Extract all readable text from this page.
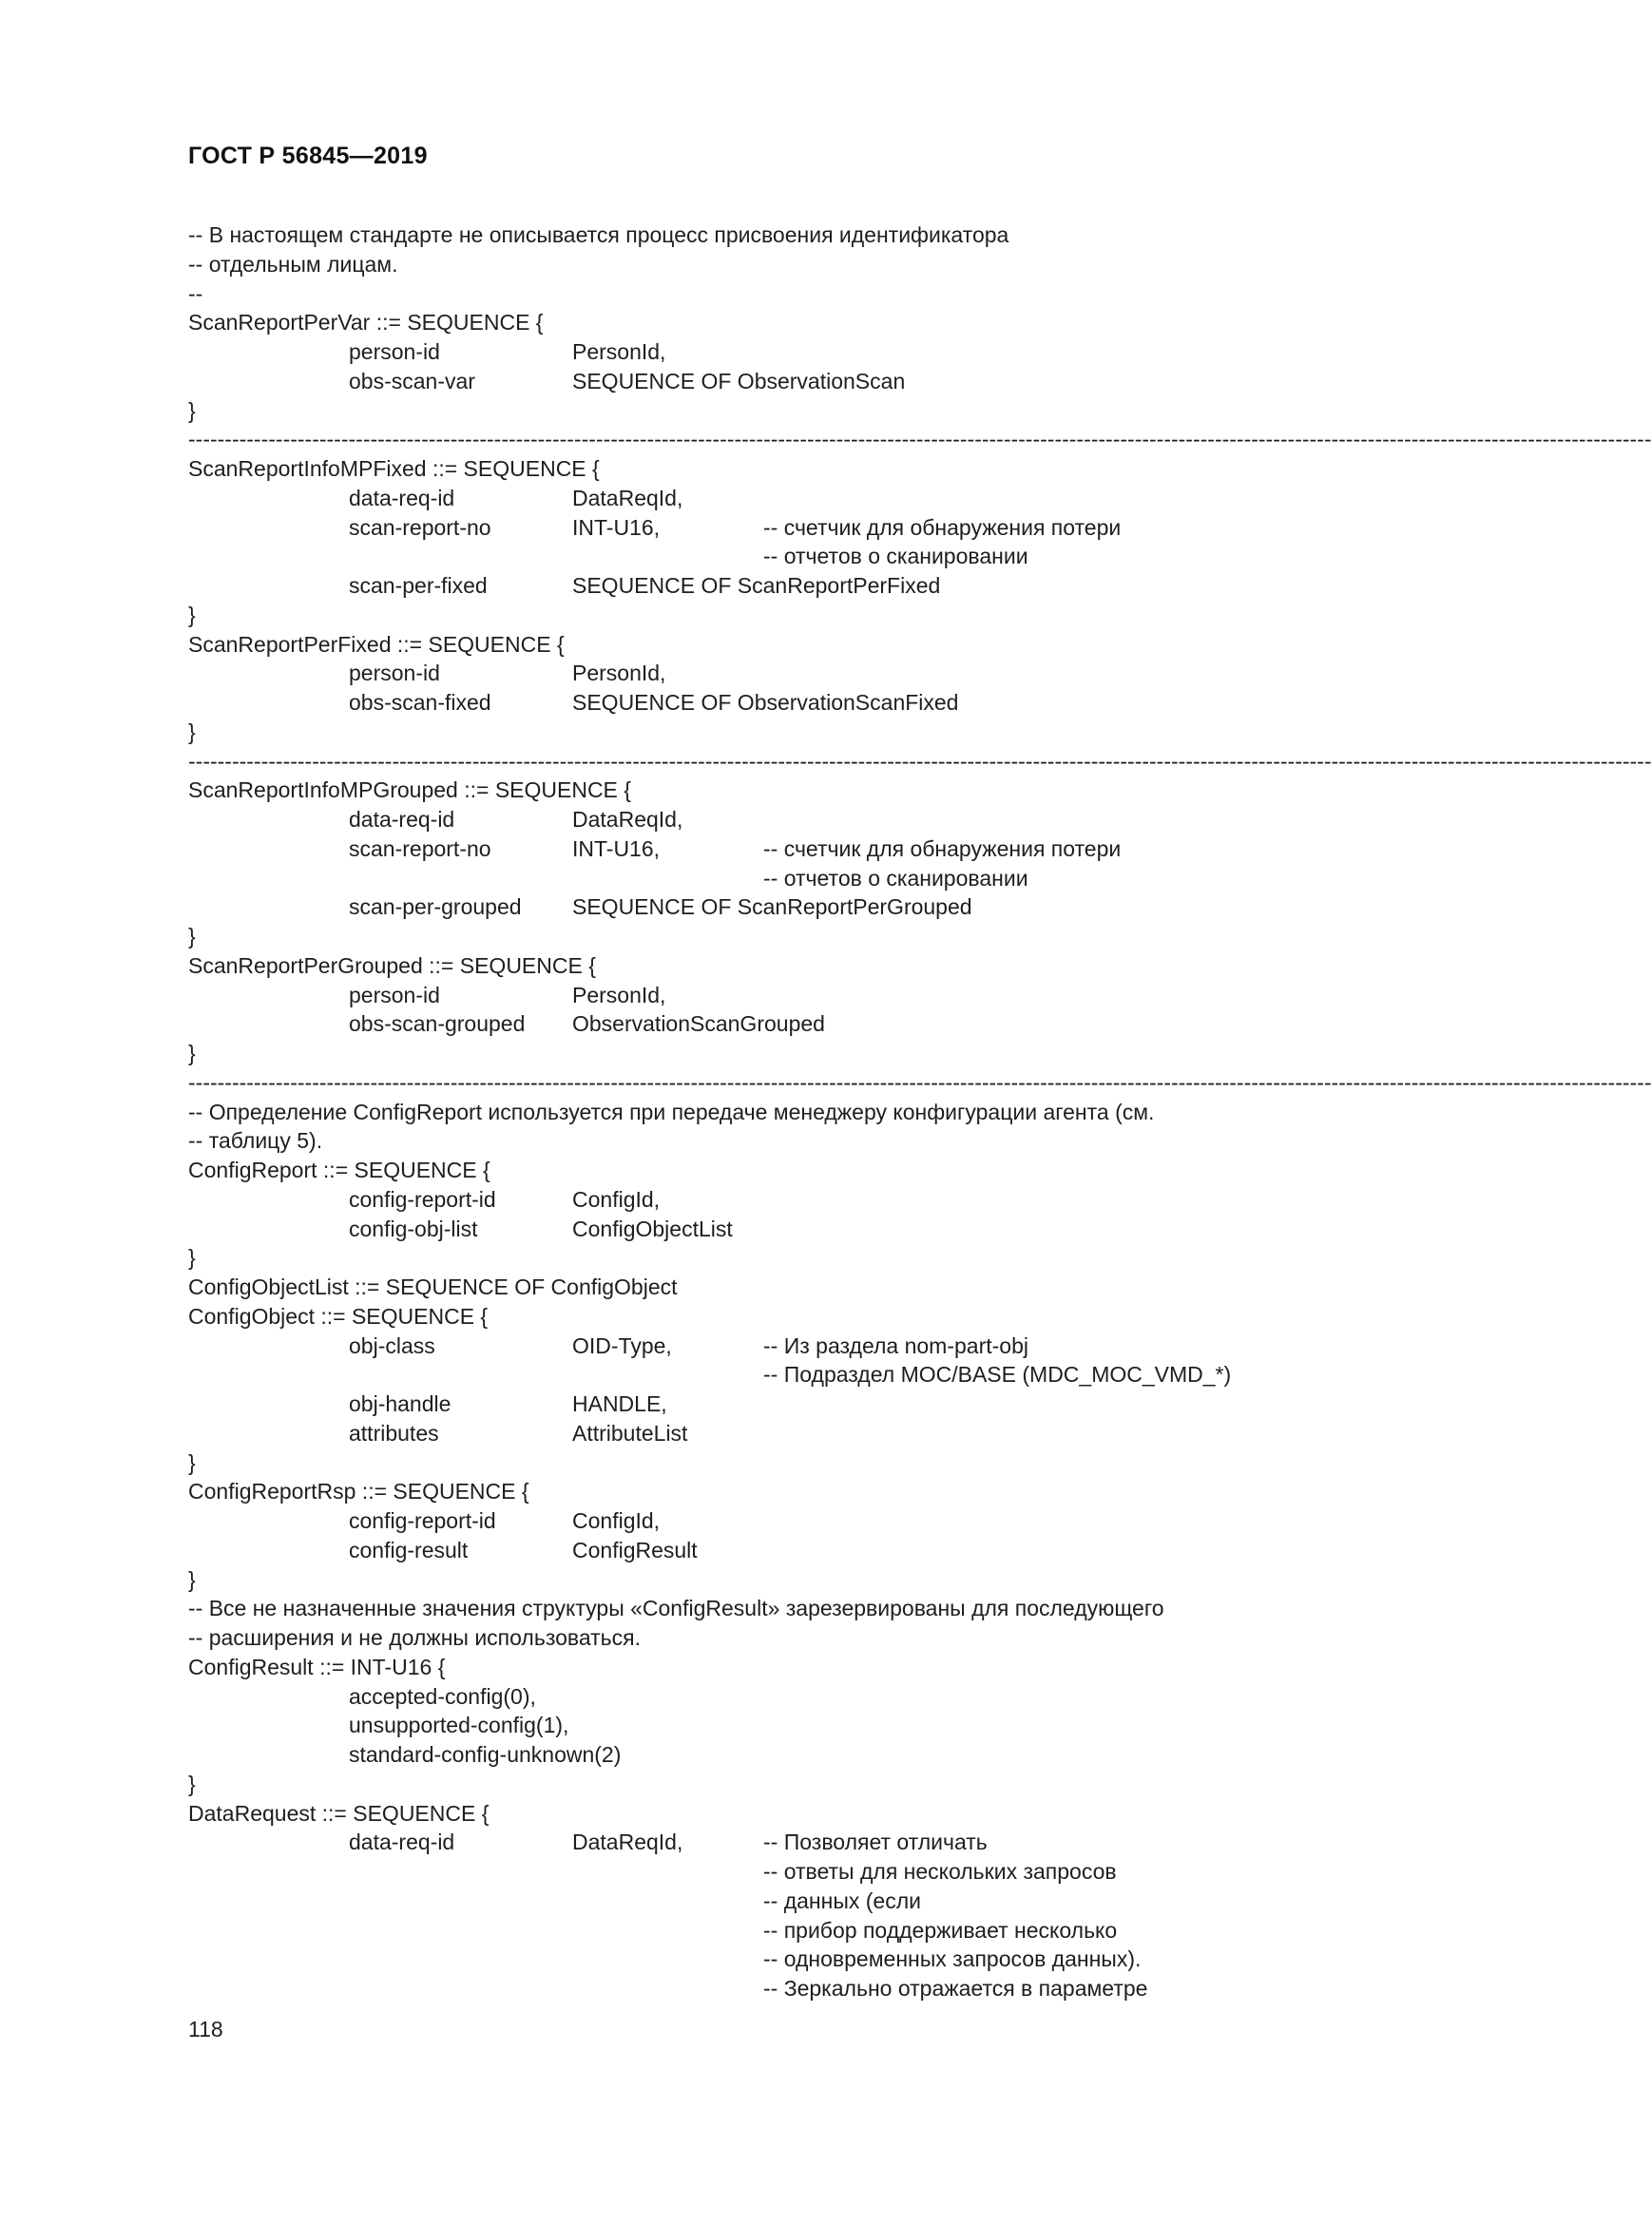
ГОСТ Р 56845—2019
-- В настоящем стандарте не описывается процесс присвоения идентификатора
-- отдельным лицам.
--
ScanReportPerVar ::= SEQUENCE {
person-id	PersonId,
obs-scan-var	SEQUENCE OF ObservationScan
}
---------------------------------------------------------------------------------------------------------------------------------------------------------------------------------------------------------
ScanReportInfoMPFixed ::= SEQUENCE {
data-req-id	DataReqId,
scan-report-no	INT-U16,	-- счетчик для обнаружения потери
-- отчетов о сканировании
scan-per-fixed	SEQUENCE OF ScanReportPerFixed
}
ScanReportPerFixed ::= SEQUENCE {
person-id	PersonId,
obs-scan-fixed	SEQUENCE OF ObservationScanFixed
}
---------------------------------------------------------------------------------------------------------------------------------------------------------------------------------------------------------
ScanReportInfoMPGrouped ::= SEQUENCE {
data-req-id	DataReqId,
scan-report-no	INT-U16,	-- счетчик для обнаружения потери
-- отчетов о сканировании
scan-per-grouped SEQUENCE OF ScanReportPerGrouped
}
ScanReportPerGrouped ::= SEQUENCE {
person-id	PersonId,
obs-scan-grouped ObservationScanGrouped
}
---------------------------------------------------------------------------------------------------------------------------------------------------------------------------------------------------------
-- Определение ConfigReport используется при передаче менеджеру конфигурации агента (см.
-- таблицу 5).
ConfigReport ::= SEQUENCE {
config-report-id	ConfigId,
config-obj-list	ConfigObjectList
}
ConfigObjectList ::= SEQUENCE OF ConfigObject
ConfigObject ::= SEQUENCE {
obj-class	OID-Type,	-- Из раздела nom-part-obj
-- Подраздел MOC/BASE (MDC_MOC_VMD_*)
obj-handle	HANDLE,
attributes	AttributeList
}
ConfigReportRsp ::= SEQUENCE {
config-report-id	ConfigId,
config-result	ConfigResult
}
-- Все не назначенные значения структуры «ConfigResult» зарезервированы для последующего
-- расширения и не должны использоваться.
ConfigResult ::= INT-U16 {
accepted-config(0),
unsupported-config(1),
standard-config-unknown(2)
}
DataRequest ::= SEQUENCE {
data-req-id	DataReqId,	-- Позволяет отличать
-- ответы для нескольких запросов
-- данных (если
-- прибор поддерживает несколько
-- одновременных запросов данных).
-- Зеркально отражается в параметре
118
